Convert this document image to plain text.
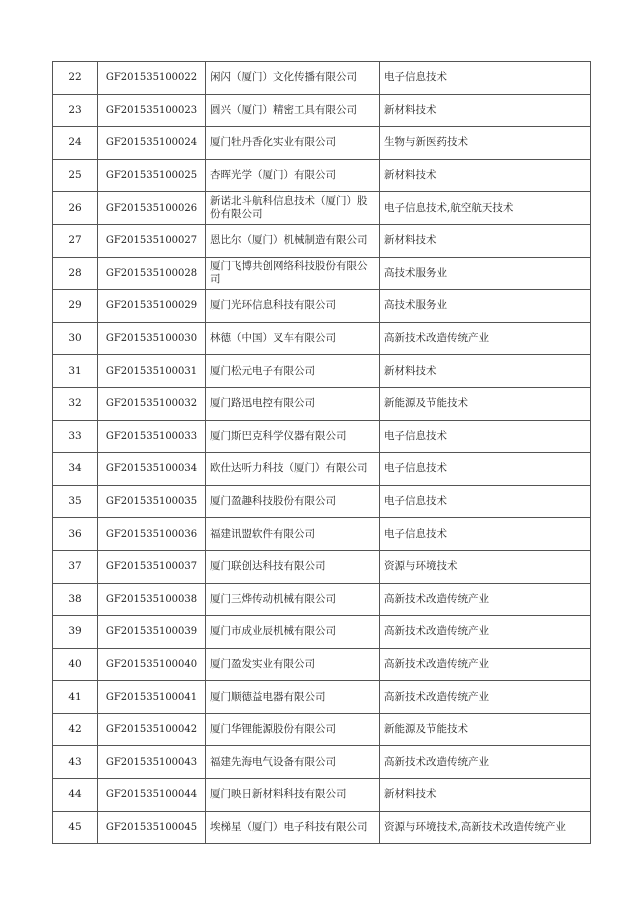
22	GF201535100022	闲闪（厦门）文化传播有限公司	电子信息技术
23	GF201535100023	圆兴（厦门）精密工具有限公司	新材料技术
24	GF201535100024	厦门牡丹香化实业有限公司	生物与新医药技术
25	GF201535100025	杏晖光学（厦门）有限公司	新材料技术
26	GF201535100026	新诺北斗航科信息技术（厦门）股份有限公司	电子信息技术,航空航天技术
27	GF201535100027	恩比尔（厦门）机械制造有限公司	新材料技术
28	GF201535100028	厦门飞博共创网络科技股份有限公司	高技术服务业
29	GF201535100029	厦门光环信息科技有限公司	高技术服务业
30	GF201535100030	林德（中国）叉车有限公司	高新技术改造传统产业
31	GF201535100031	厦门松元电子有限公司	新材料技术
32	GF201535100032	厦门路迅电控有限公司	新能源及节能技术
33	GF201535100033	厦门斯巴克科学仪器有限公司	电子信息技术
34	GF201535100034	欧仕达听力科技（厦门）有限公司	电子信息技术
35	GF201535100035	厦门盈趣科技股份有限公司	电子信息技术
36	GF201535100036	福建讯盟软件有限公司	电子信息技术
37	GF201535100037	厦门联创达科技有限公司	资源与环境技术
38	GF201535100038	厦门三烨传动机械有限公司	高新技术改造传统产业
39	GF201535100039	厦门市成业辰机械有限公司	高新技术改造传统产业
40	GF201535100040	厦门盈发实业有限公司	高新技术改造传统产业
41	GF201535100041	厦门顺德益电器有限公司	高新技术改造传统产业
42	GF201535100042	厦门华锂能源股份有限公司	新能源及节能技术
43	GF201535100043	福建先海电气设备有限公司	高新技术改造传统产业
44	GF201535100044	厦门映日新材料科技有限公司	新材料技术
45	GF201535100045	埃梯星（厦门）电子科技有限公司	资源与环境技术,高新技术改造传统产业
